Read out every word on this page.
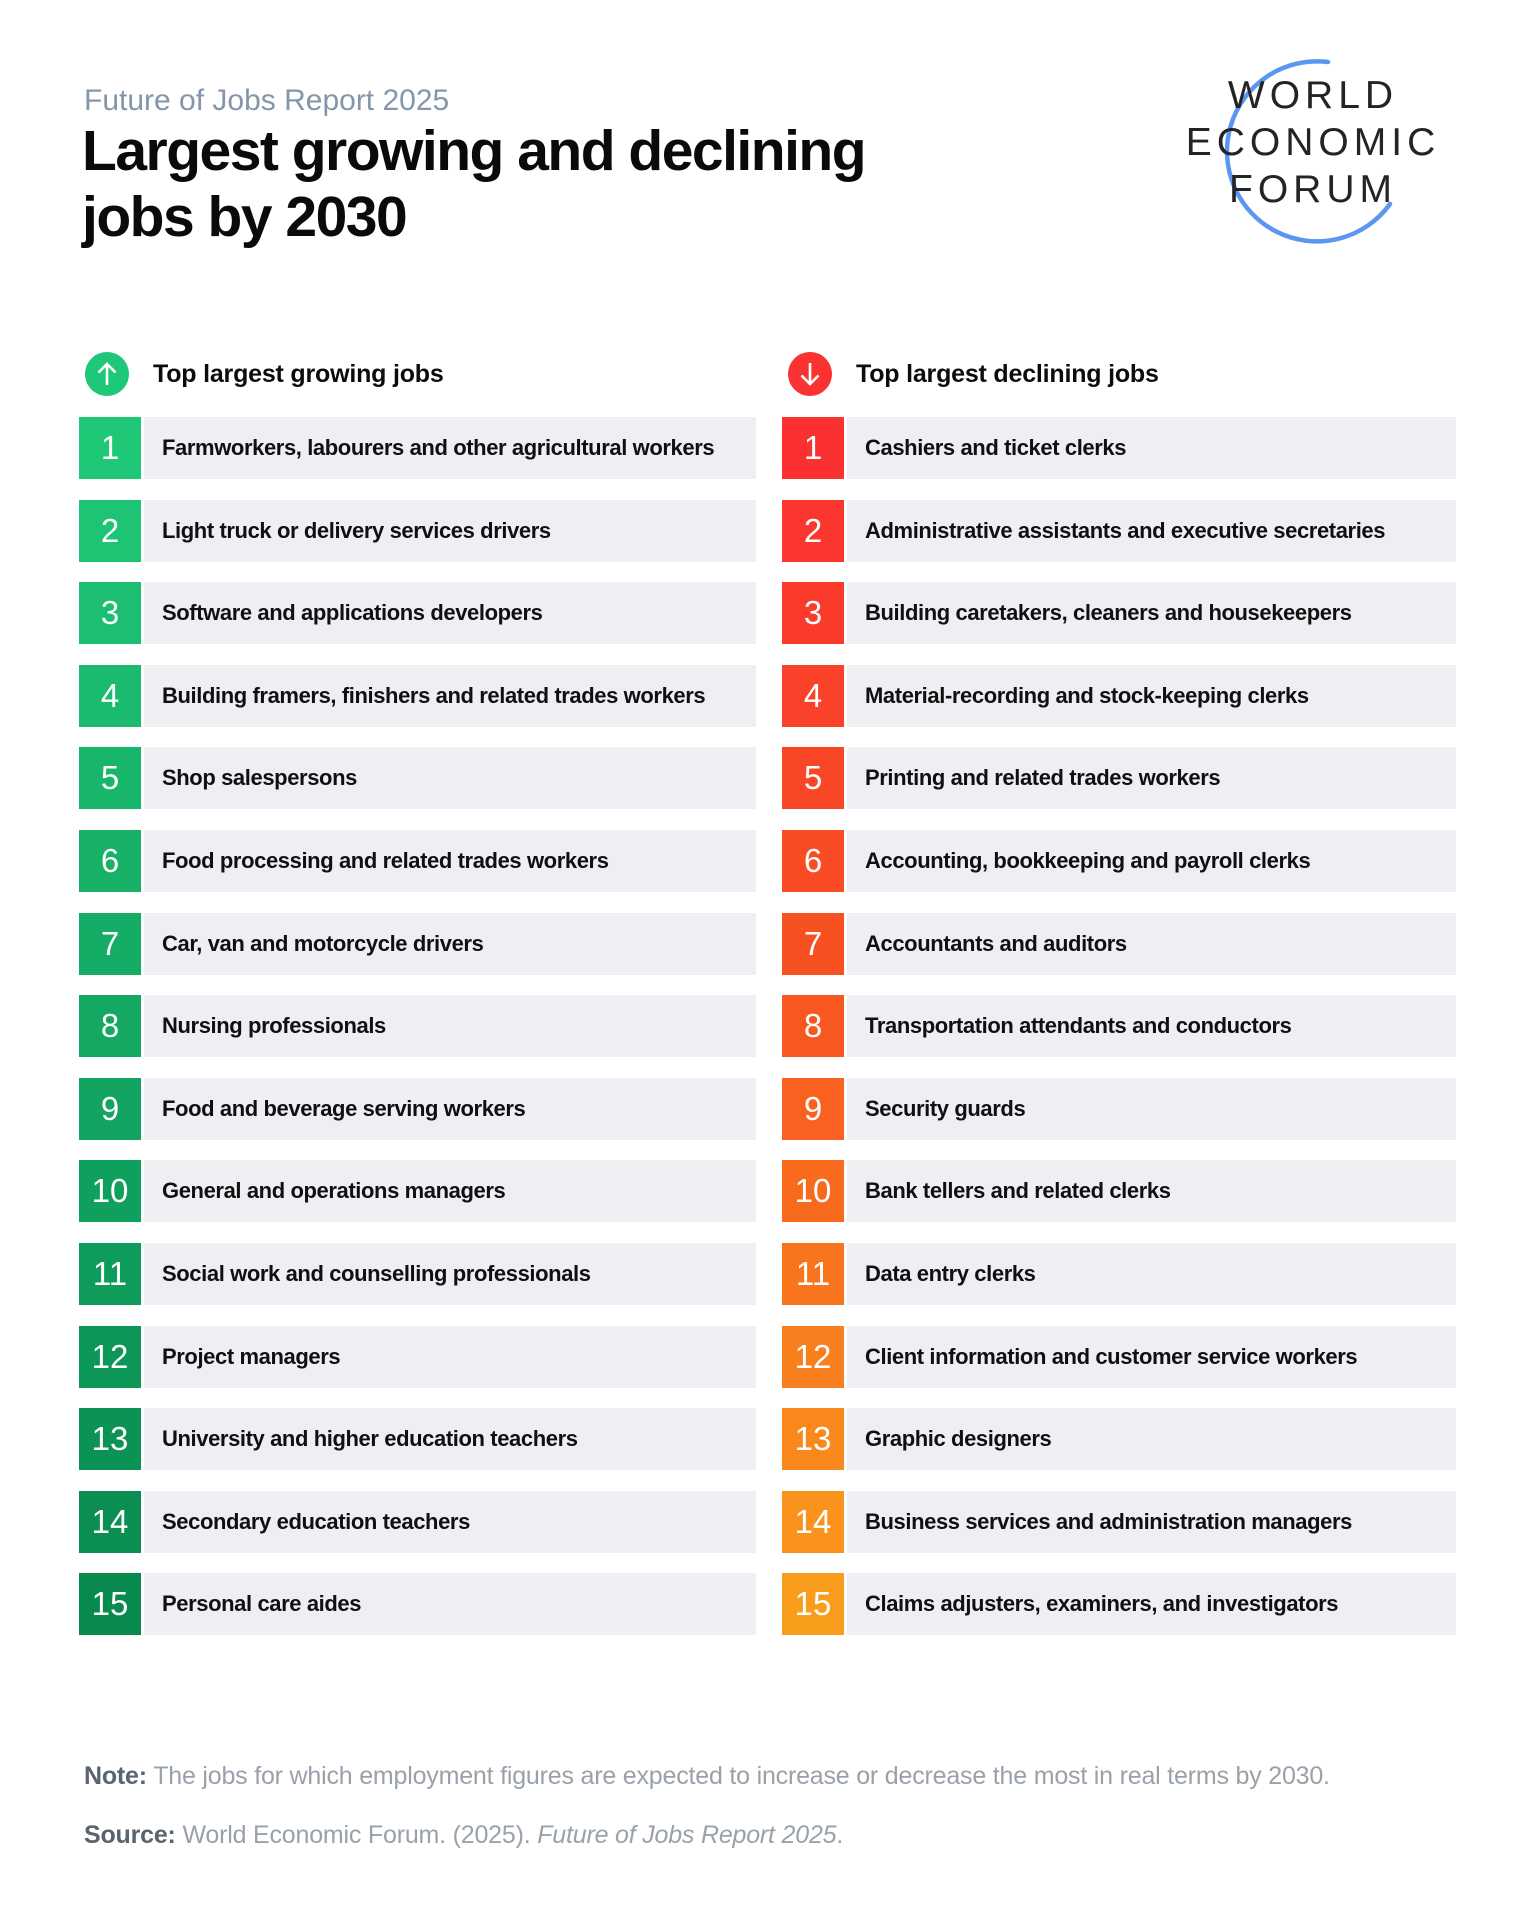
Future of Jobs Report 2025
Largest growing and declining
jobs by 2030
WORLD
ECONOMIC
FORUM
Top largest growing jobs
1	Farmworkers, labourers and other agricultural workers
2	Light truck or delivery services drivers
3	Software and applications developers
4	Building framers, finishers and related trades workers
5	Shop salespersons
6	Food processing and related trades workers
7	Car, van and motorcycle drivers
8	Nursing professionals
9	Food and beverage serving workers
10	General and operations managers
11	Social work and counselling professionals
12	Project managers
13	University and higher education teachers
14	Secondary education teachers
15	Personal care aides
Top largest declining jobs
1	Cashiers and ticket clerks
2	Administrative assistants and executive secretaries
3	Building caretakers, cleaners and housekeepers
4	Material-recording and stock-keeping clerks
5	Printing and related trades workers
6	Accounting, bookkeeping and payroll clerks
7	Accountants and auditors
8	Transportation attendants and conductors
9	Security guards
10	Bank tellers and related clerks
11	Data entry clerks
12	Client information and customer service workers
13	Graphic designers
14	Business services and administration managers
15	Claims adjusters, examiners, and investigators

Note: The jobs for which employment figures are expected to increase or decrease the most in real terms by 2030.

Source: World Economic Forum. (2025). Future of Jobs Report 2025.
